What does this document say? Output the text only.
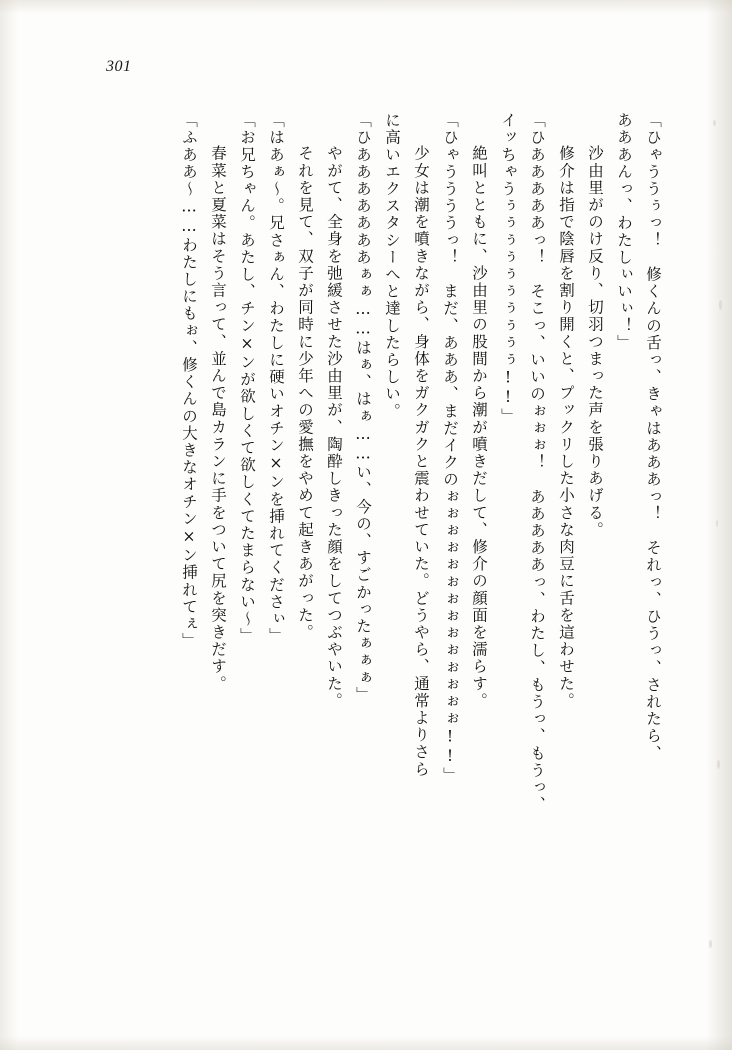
301
「ひゃううぅっ！　修くんの舌っ、きゃはあああっ！　それっ、ひうっ、されたら、
あああんっ、わたしぃいぃ！」
　沙由里がのけ反り、切羽つまった声を張りあげる。
　修介は指で陰唇を割り開くと、プックリした小さな肉豆に舌を這わせた。
「ひあああああっ！　そこっ、いいのぉぉぉ！　あああああっ、わたし、もうっ、もうっ、
イッちゃうぅぅぅぅぅぅぅぅぅぅ!!」
　絶叫とともに、沙由里の股間から潮が噴きだして、修介の顔面を濡らす。
「ひゃううううっ！　まだ、あああ、まだイクのぉぉぉぉぉぉぉぉぉぉぉぉぉぉ!!」
　少女は潮を噴きながら、身体をガクガクと震わせていた。どうやら、通常よりさら
に高いエクスタシーへと達したらしい。
「ひあああああああぁぁ……はぁ、はぁ……い、今の、すごかったぁぁぁ」
　やがて、全身を弛緩させた沙由里が、陶酔しきった顔をしてつぶやいた。
　それを見て、双子が同時に少年への愛撫をやめて起きあがった。
「はあぁ〜。兄さぁん、わたしに硬いオチン×ンを挿れてくださぃ」
「お兄ちゃん。あたし、チン×ンが欲しくて欲しくてたまらない〜」
　春菜と夏菜はそう言って、並んで島カランに手をついて尻を突きだす。
「ふああ〜……わたしにもぉ、修くんの大きなオチン×ン挿れてぇ」
